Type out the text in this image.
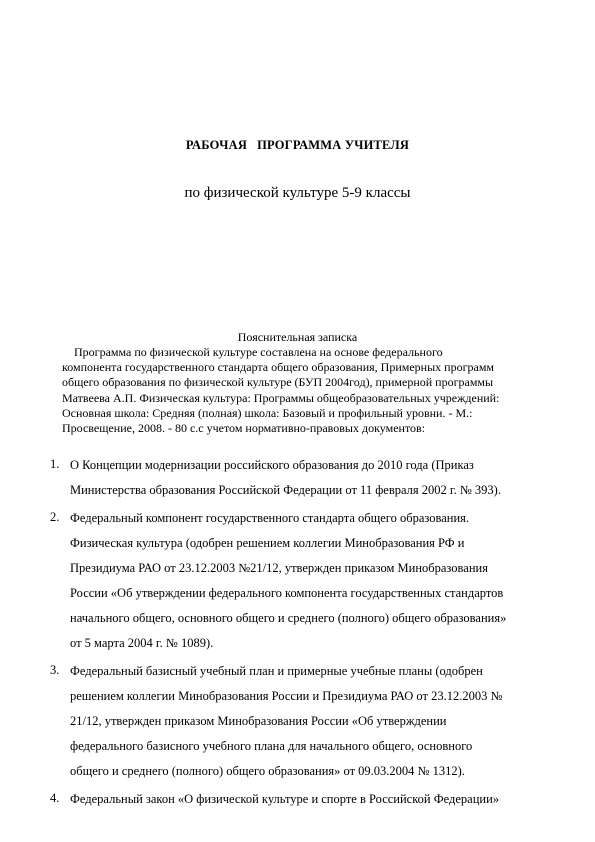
РАБОЧАЯ   ПРОГРАММА УЧИТЕЛЯ
по физической культуре 5-9 классы
Пояснительная записка
Программа по физической культуре составлена на основе федерального
компонента государственного стандарта общего образования, Примерных программ
общего образования по физической культуре (БУП 2004год), примерной программы
Матвеева А.П. Физическая культура: Программы общеобразовательных учреждений:
Основная школа: Средняя (полная) школа: Базовый и профильный уровни. - М.:
Просвещение, 2008. - 80 с.с учетом нормативно-правовых документов:
1. О Концепции модернизации российского образования до 2010 года (Приказ
Министерства образования Российской Федерации от 11 февраля 2002 г. № 393).
2. Федеральный компонент государственного стандарта общего образования.
Физическая культура (одобрен решением коллегии Минобразования РФ и
Президиума РАО от 23.12.2003 №21/12, утвержден приказом Минобразования
России «Об утверждении федерального компонента государственных стандартов
начального общего, основного общего и среднего (полного) общего образования»
от 5 марта 2004 г. № 1089).
3. Федеральный базисный учебный план и примерные учебные планы (одобрен
решением коллегии Минобразования России и Президиума РАО от 23.12.2003 №
21/12, утвержден приказом Минобразования России «Об утверждении
федерального базисного учебного плана для начального общего, основного
общего и среднего (полного) общего образования» от 09.03.2004 № 1312).
4. Федеральный закон «О физической культуре и спорте в Российской Федерации»
